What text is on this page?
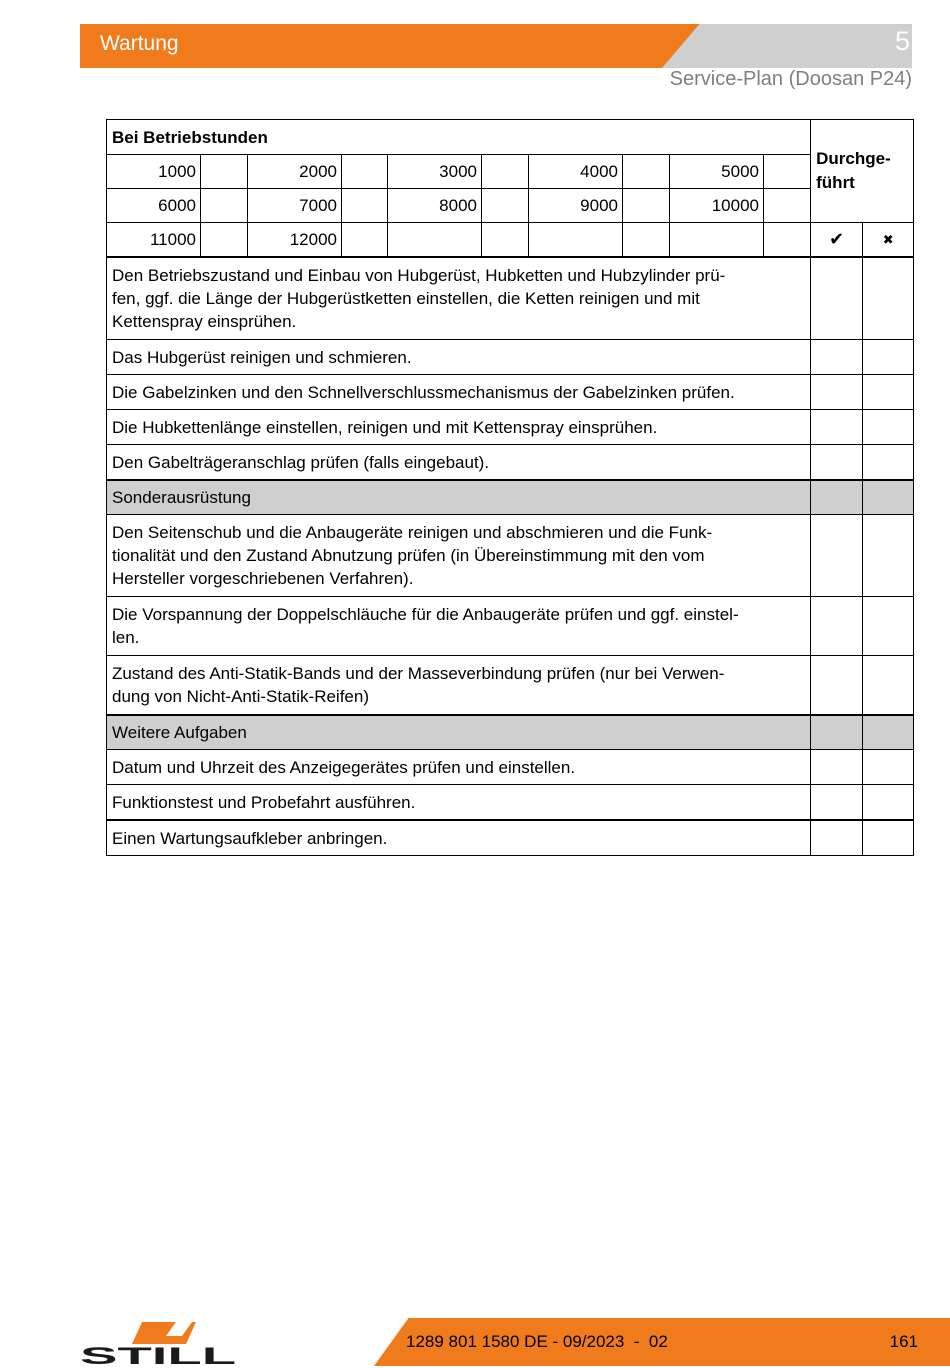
Wartung	5
Service-Plan (Doosan P24)
Bei Betriebstunden										Durchge-
führt	
1000		2000		3000		4000		5000			
6000		7000		8000		9000		10000			
11000		12000								✔	✖
Den Betriebszustand und Einbau von Hubgerüst, Hubketten und Hubzylinder prü-
fen, ggf. die Länge der Hubgerüstketten einstellen, die Ketten reinigen und mit
Kettenspray einsprühen.											
Das Hubgerüst reinigen und schmieren.											
Die Gabelzinken und den Schnellverschlussmechanismus der Gabelzinken prüfen.											
Die Hubkettenlänge einstellen, reinigen und mit Kettenspray einsprühen.											
Den Gabelträgeranschlag prüfen (falls eingebaut).											
Sonderausrüstung											
Den Seitenschub und die Anbaugeräte reinigen und abschmieren und die Funk-
tionalität und den Zustand Abnutzung prüfen (in Übereinstimmung mit den vom
Hersteller vorgeschriebenen Verfahren).											
Die Vorspannung der Doppelschläuche für die Anbaugeräte prüfen und ggf. einstel-
len.											
Zustand des Anti-Statik-Bands und der Masseverbindung prüfen (nur bei Verwen-
dung von Nicht-Anti-Statik-Reifen)											
Weitere Aufgaben											
Datum und Uhrzeit des Anzeigegerätes prüfen und einstellen.											
Funktionstest und Probefahrt ausführen.											
Einen Wartungsaufkleber anbringen.											
STILL
1289 801 1580 DE - 09/2023  -  02	161
